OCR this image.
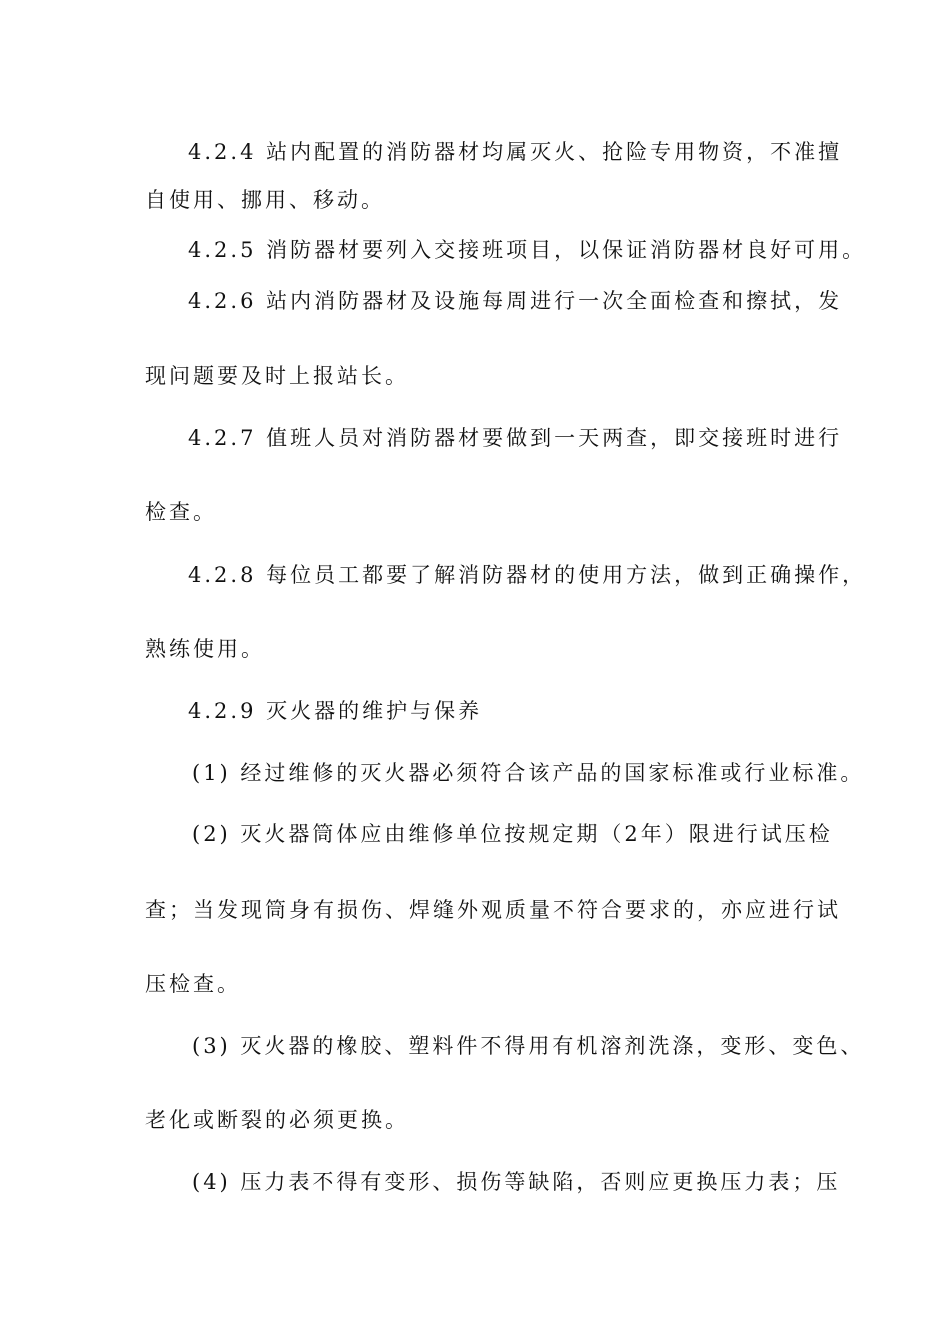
4.2.4 站内配置的消防器材均属灭火、抢险专用物资，不准擅
自使用、挪用、移动。
4.2.5 消防器材要列入交接班项目，以保证消防器材良好可用。
4.2.6 站内消防器材及设施每周进行一次全面检查和擦拭，发
现问题要及时上报站长。
4.2.7 值班人员对消防器材要做到一天两查，即交接班时进行
检查。
4.2.8 每位员工都要了解消防器材的使用方法，做到正确操作，
熟练使用。
4.2.9 灭火器的维护与保养
(1) 经过维修的灭火器必须符合该产品的国家标准或行业标准。
(2) 灭火器筒体应由维修单位按规定期（2年）限进行试压检
查；当发现筒身有损伤、焊缝外观质量不符合要求的，亦应进行试
压检查。
(3) 灭火器的橡胶、塑料件不得用有机溶剂洗涤，变形、变色、
老化或断裂的必须更换。
(4) 压力表不得有变形、损伤等缺陷，否则应更换压力表；压
